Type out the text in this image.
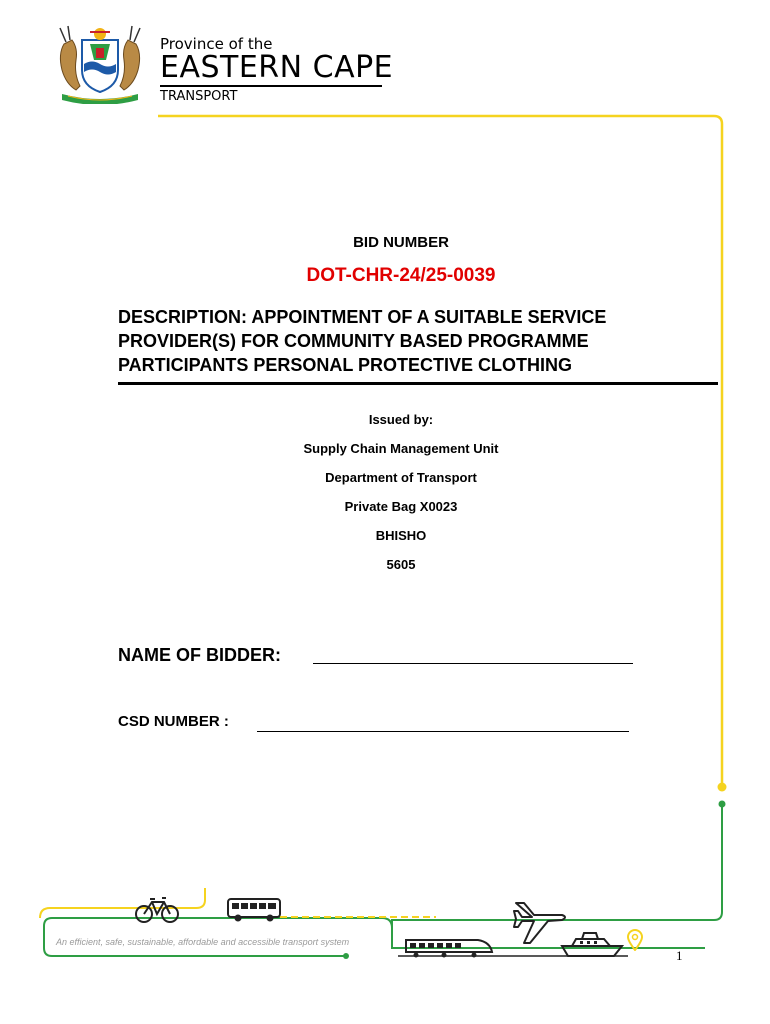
Province of the
EASTERN CAPE
TRANSPORT
BID NUMBER
DOT-CHR-24/25-0039
DESCRIPTION: APPOINTMENT OF A SUITABLE SERVICE PROVIDER(S) FOR COMMUNITY BASED PROGRAMME PARTICIPANTS PERSONAL PROTECTIVE CLOTHING
Issued by:
Supply Chain Management Unit
Department of Transport
Private Bag X0023
BHISHO
5605
NAME OF BIDDER:
CSD NUMBER :
An efficient, safe, sustainable, affordable and accessible transport system
1
